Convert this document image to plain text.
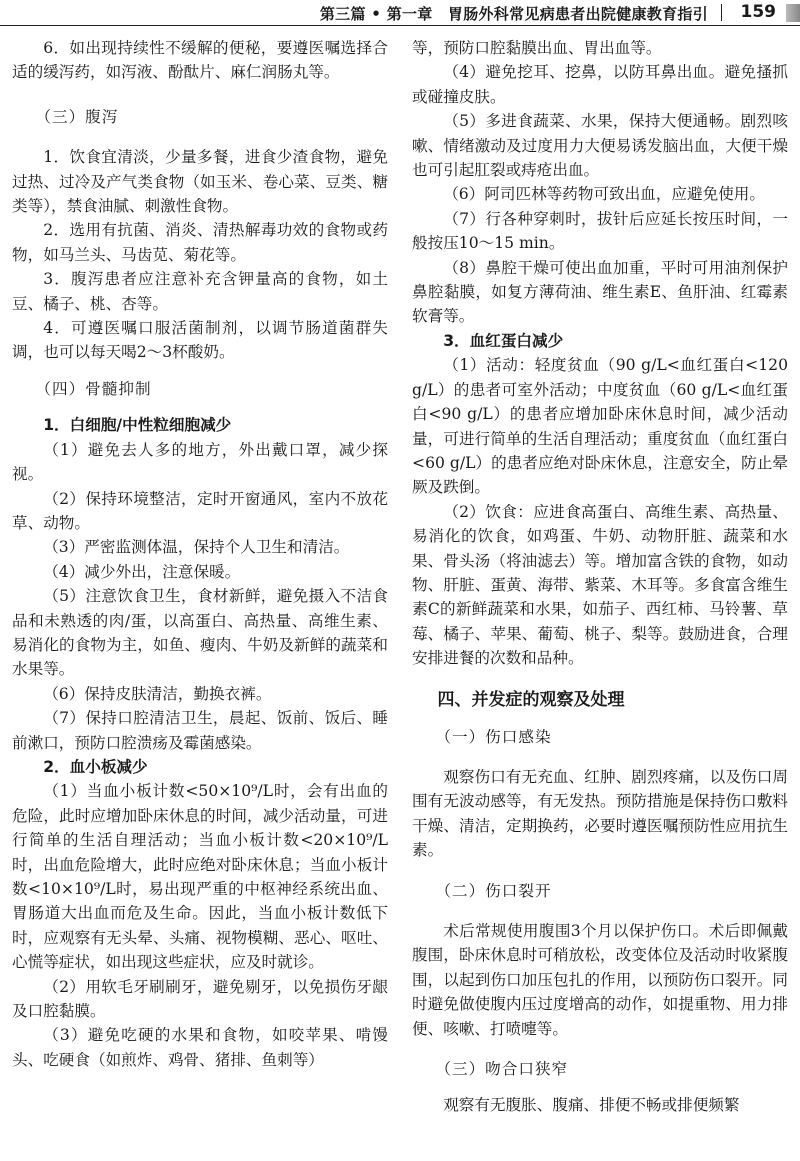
第三篇 • 第一章　胃肠外科常见病患者出院健康教育指引 159

6．如出现持续性不缓解的便秘，要遵医嘱选择合适的缓泻药，如泻液、酚酞片、麻仁润肠丸等。

（三）腹泻

1．饮食宜清淡，少量多餐，进食少渣食物，避免过热、过冷及产气类食物（如玉米、卷心菜、豆类、糖类等），禁食油腻、刺激性食物。

2．选用有抗菌、消炎、清热解毒功效的食物或药物，如马兰头、马齿苋、菊花等。

3．腹泻患者应注意补充含钾量高的食物，如土豆、橘子、桃、杏等。

4．可遵医嘱口服活菌制剂，以调节肠道菌群失调，也可以每天喝2～3杯酸奶。

（四）骨髓抑制
1．白细胞/中性粒细胞减少

（1）避免去人多的地方，外出戴口罩，减少探视。

（2）保持环境整洁，定时开窗通风，室内不放花草、动物。

（3）严密监测体温，保持个人卫生和清洁。

（4）减少外出，注意保暖。

（5）注意饮食卫生，食材新鲜，避免摄入不洁食品和未熟透的肉/蛋，以高蛋白、高热量、高维生素、易消化的食物为主，如鱼、瘦肉、牛奶及新鲜的蔬菜和水果等。

（6）保持皮肤清洁，勤换衣裤。

（7）保持口腔清洁卫生，晨起、饭前、饭后、睡前漱口，预防口腔溃疡及霉菌感染。

2．血小板减少

（1）当血小板计数<50×10⁹/L时，会有出血的危险，此时应增加卧床休息的时间，减少活动量，可进行简单的生活自理活动；当血小板计数<20×10⁹/L时，出血危险增大，此时应绝对卧床休息；当血小板计数<10×10⁹/L时，易出现严重的中枢神经系统出血、胃肠道大出血而危及生命。因此，当血小板计数低下时，应观察有无头晕、头痛、视物模糊、恶心、呕吐、心慌等症状，如出现这些症状，应及时就诊。

（2）用软毛牙刷刷牙，避免剔牙，以免损伤牙龈及口腔黏膜。

（3）避免吃硬的水果和食物，如咬苹果、啃馒头、吃硬食（如煎炸、鸡骨、猪排、鱼刺等）

等，预防口腔黏膜出血、胃出血等。

（4）避免挖耳、挖鼻，以防耳鼻出血。避免搔抓或碰撞皮肤。

（5）多进食蔬菜、水果，保持大便通畅。剧烈咳嗽、情绪激动及过度用力大便易诱发脑出血，大便干燥也可引起肛裂或痔疮出血。

（6）阿司匹林等药物可致出血，应避免使用。

（7）行各种穿刺时，拔针后应延长按压时间，一般按压10～15 min。

（8）鼻腔干燥可使出血加重，平时可用油剂保护鼻腔黏膜，如复方薄荷油、维生素E、鱼肝油、红霉素软膏等。

3．血红蛋白减少

（1）活动：轻度贫血（90 g/L<血红蛋白<120 g/L）的患者可室外活动；中度贫血（60 g/L<血红蛋白<90 g/L）的患者应增加卧床休息时间，减少活动量，可进行简单的生活自理活动；重度贫血（血红蛋白<60 g/L）的患者应绝对卧床休息，注意安全，防止晕厥及跌倒。

（2）饮食：应进食高蛋白、高维生素、高热量、易消化的饮食，如鸡蛋、牛奶、动物肝脏、蔬菜和水果、骨头汤（将油滤去）等。增加富含铁的食物，如动物、肝脏、蛋黄、海带、紫菜、木耳等。多食富含维生素C的新鲜蔬菜和水果，如茄子、西红柿、马铃薯、草莓、橘子、苹果、葡萄、桃子、梨等。鼓励进食，合理安排进餐的次数和品种。

四、并发症的观察及处理
（一）伤口感染

观察伤口有无充血、红肿、剧烈疼痛，以及伤口周围有无波动感等，有无发热。预防措施是保持伤口敷料干燥、清洁，定期换药，必要时遵医嘱预防性应用抗生素。

（二）伤口裂开

术后常规使用腹围3个月以保护伤口。术后即佩戴腹围，卧床休息时可稍放松，改变体位及活动时收紧腹围，以起到伤口加压包扎的作用，以预防伤口裂开。同时避免做使腹内压过度增高的动作，如提重物、用力排便、咳嗽、打喷嚏等。

（三）吻合口狭窄

观察有无腹胀、腹痛、排便不畅或排便频繁
